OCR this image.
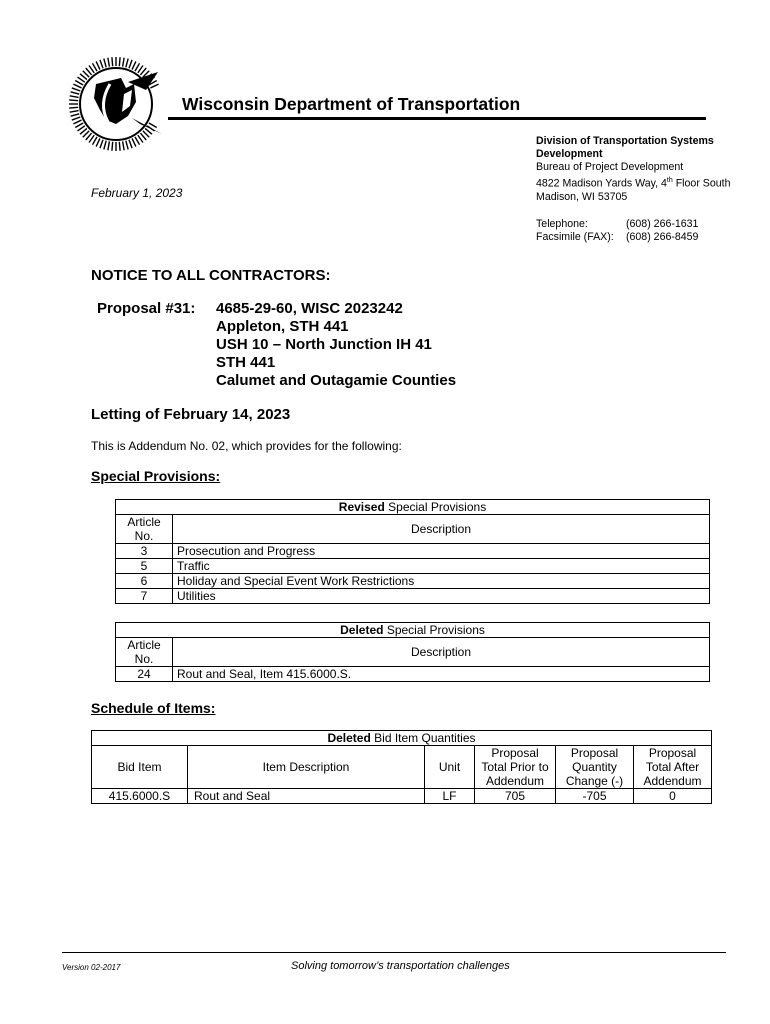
Wisconsin Department of Transportation
Division of Transportation Systems
Development
Bureau of Project Development
4822 Madison Yards Way, 4th Floor South
Madison, WI 53705
Telephone:	(608) 266-1631
Facsimile (FAX): (608) 266-8459
February 1, 2023
NOTICE TO ALL CONTRACTORS:
Proposal #31: 4685-29-60, WISC 2023242
Appleton, STH 441
USH 10 – North Junction IH 41
STH 441
Calumet and Outagamie Counties
Letting of February 14, 2023
This is Addendum No. 02, which provides for the following:
Special Provisions:
Revised Special Provisions	
Article No.	Description
3	Prosecution and Progress
5	Traffic
6	Holiday and Special Event Work Restrictions
7	Utilities
Deleted Special Provisions	
Article No.	Description
24	Rout and Seal, Item 415.6000.S.
Schedule of Items:
Deleted Bid Item Quantities					
Bid Item	Item Description	Unit	Proposal Total Prior to Addendum	Proposal Quantity Change (-)	Proposal Total After Addendum
415.6000.S	Rout and Seal	LF	705	-705	0
Version 02-2017	Solving tomorrow’s transportation challenges
